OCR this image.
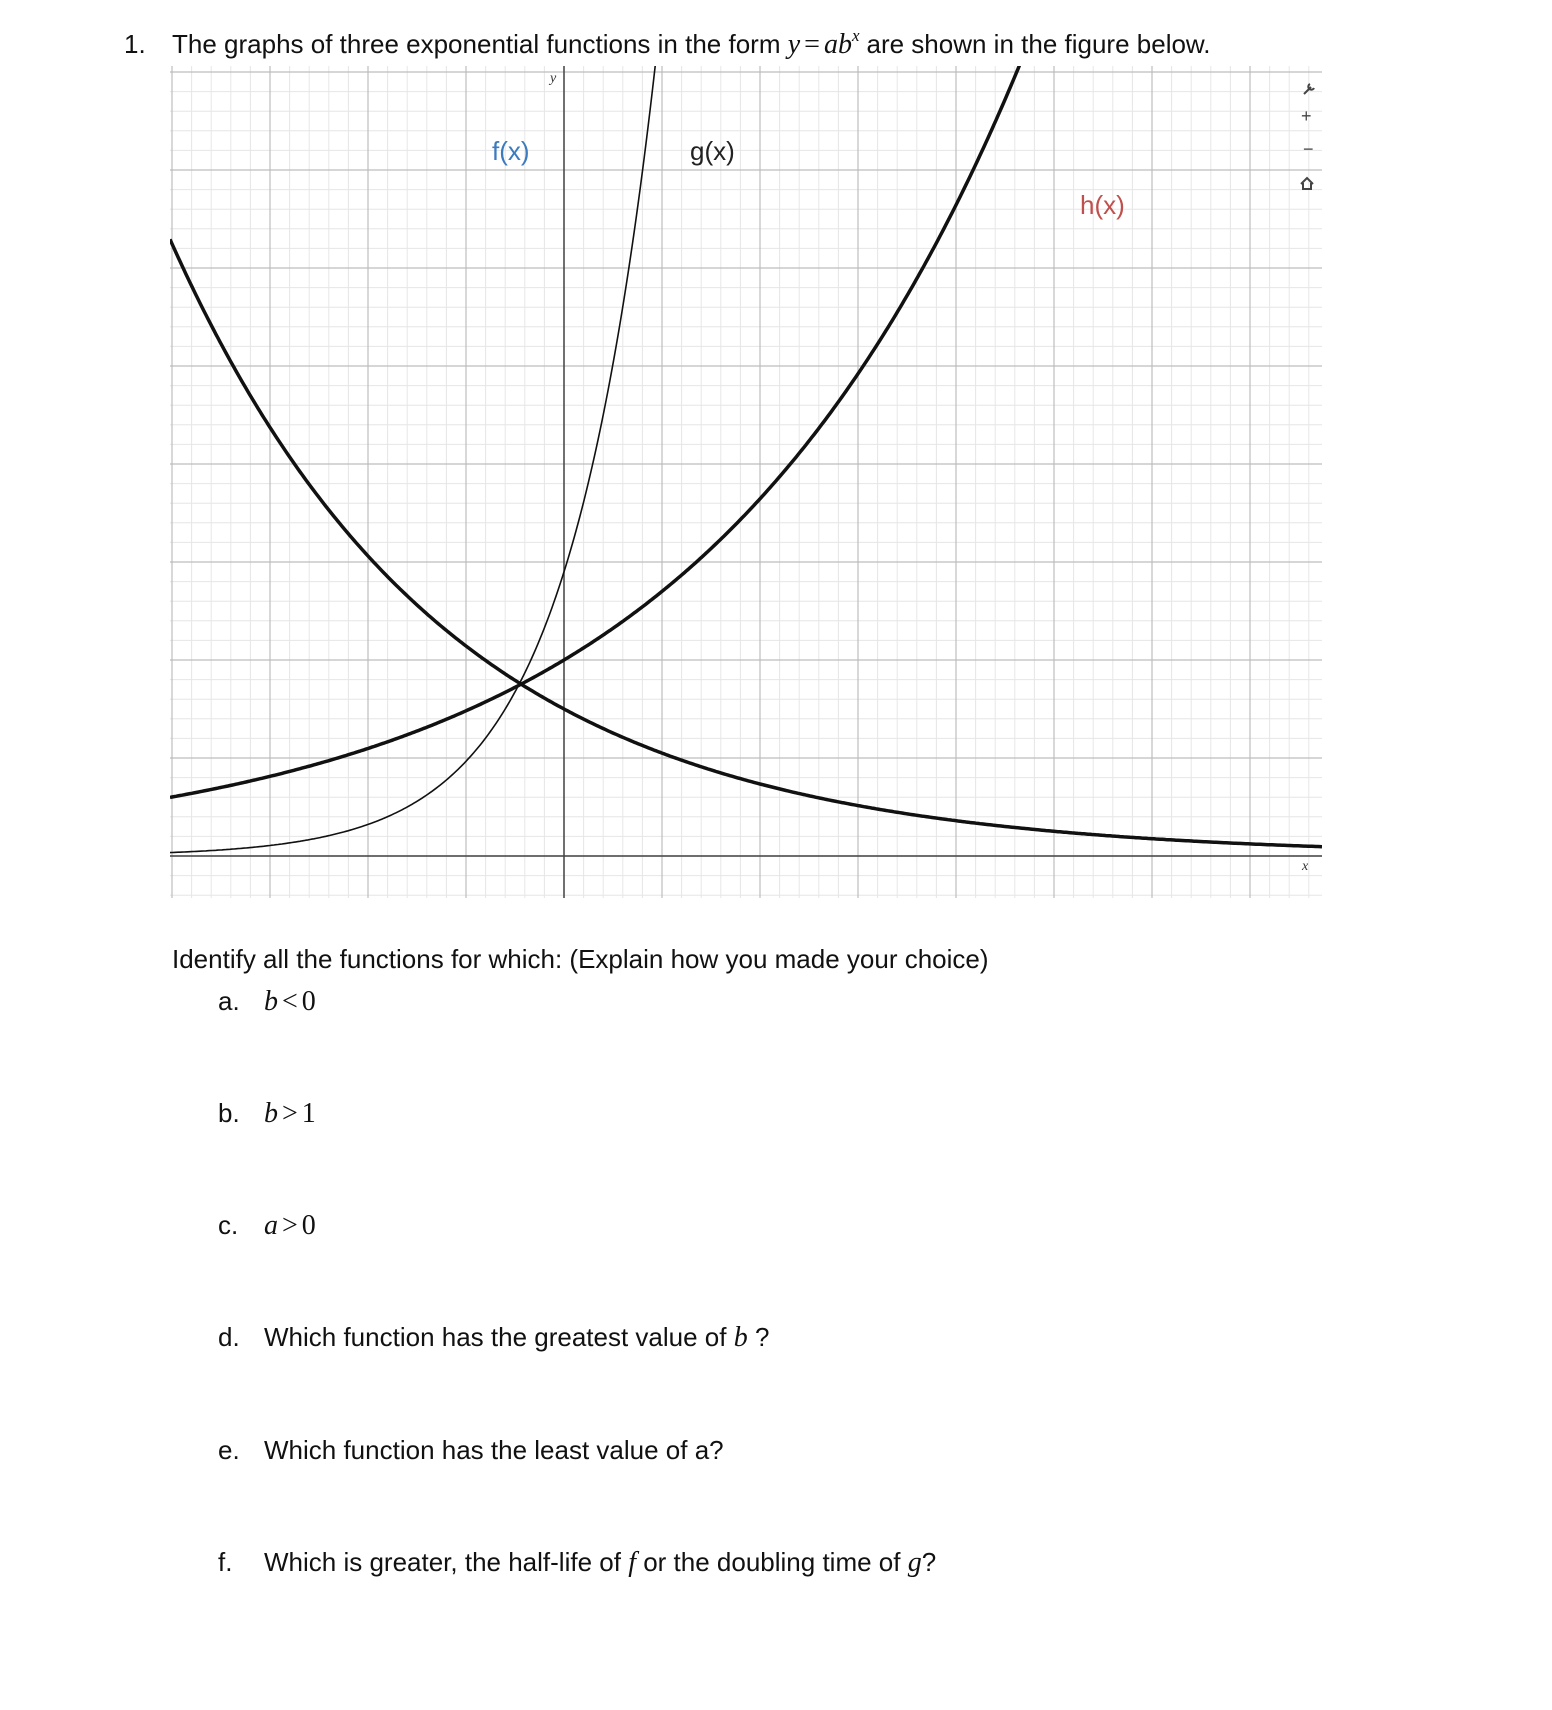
1. The graphs of three exponential functions in the form $y = ab^x$ are shown in the figure below.
x
y
f(x)	g(x)
h(x)
+
−
Identify all the functions for which: (Explain how you made your choice)
a. b < 0
b. b > 1
c. a > 0
d. Which function has the greatest value of b ?
e. Which function has the least value of a?
f. Which is greater, the half-life of f or the doubling time of g?
